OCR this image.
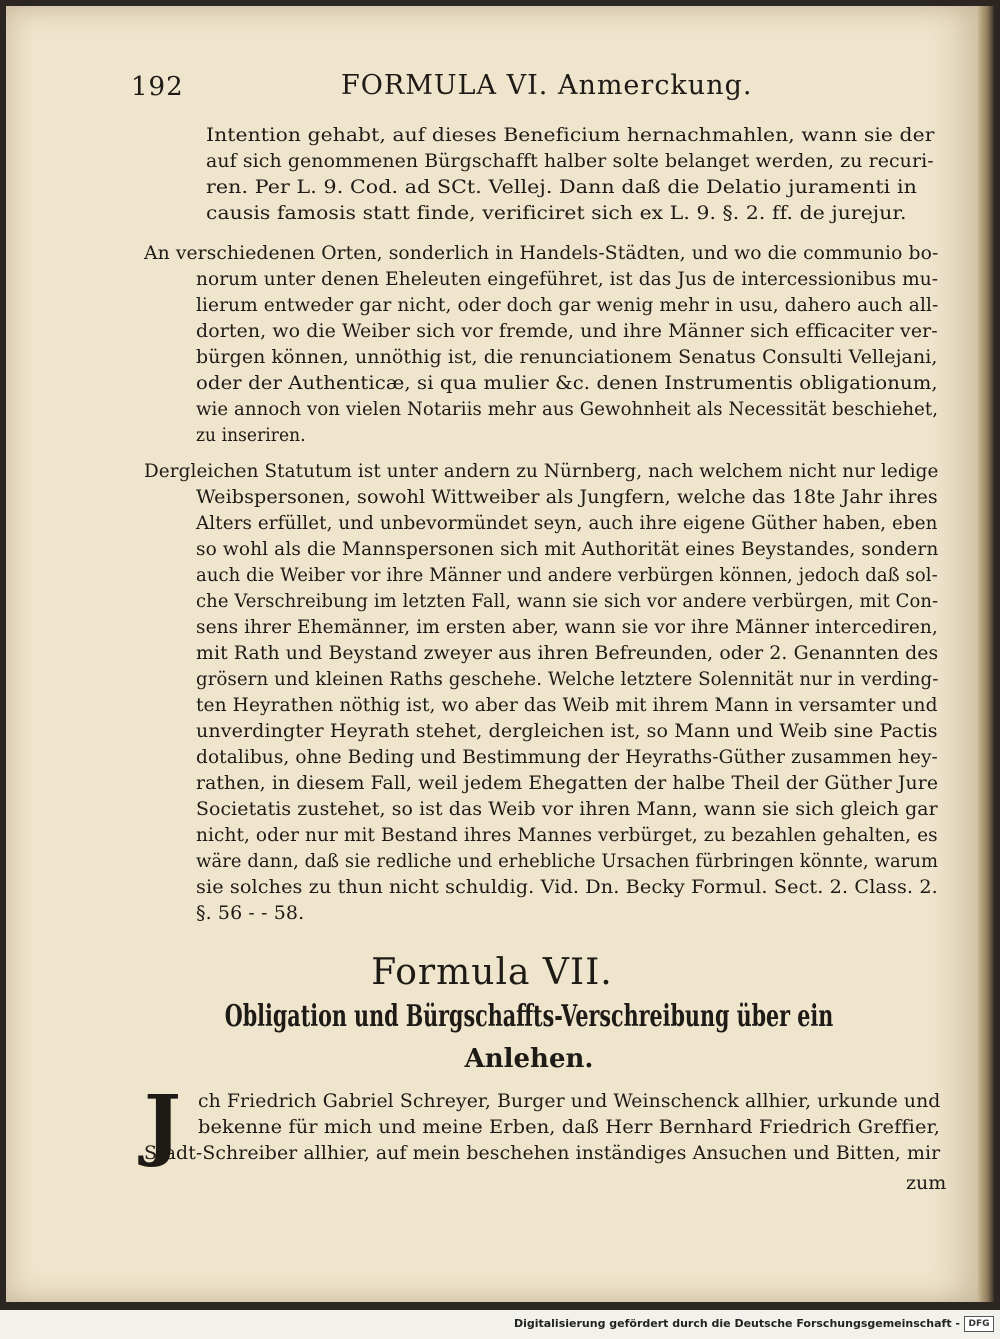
192	FORMULA VI. Anmerckung.
Intention gehabt, auf dieses Beneficium hernachmahlen, wann sie der
auf sich genommenen Bürgschafft halber solte belanget werden, zu recuri-
ren. Per L. 9. Cod. ad SCt. Vellej. Dann daß die Delatio juramenti in
causis famosis statt finde, verificiret sich ex L. 9. §. 2. ff. de jurejur.
An verschiedenen Orten, sonderlich in Handels-Städten, und wo die communio bo-
norum unter denen Eheleuten eingeführet, ist das Jus de intercessionibus mu-
lierum entweder gar nicht, oder doch gar wenig mehr in usu, dahero auch all-
dorten, wo die Weiber sich vor fremde, und ihre Männer sich efficaciter ver-
bürgen können, unnöthig ist, die renunciationem Senatus Consulti Vellejani,
oder der Authenticæ, si qua mulier &c. denen Instrumentis obligationum,
wie annoch von vielen Notariis mehr aus Gewohnheit als Necessität beschiehet,
zu inseriren.
Dergleichen Statutum ist unter andern zu Nürnberg, nach welchem nicht nur ledige
Weibspersonen, sowohl Wittweiber als Jungfern, welche das 18te Jahr ihres
Alters erfüllet, und unbevormündet seyn, auch ihre eigene Güther haben, eben
so wohl als die Mannspersonen sich mit Authorität eines Beystandes, sondern
auch die Weiber vor ihre Männer und andere verbürgen können, jedoch daß sol-
che Verschreibung im letzten Fall, wann sie sich vor andere verbürgen, mit Con-
sens ihrer Ehemänner, im ersten aber, wann sie vor ihre Männer intercediren,
mit Rath und Beystand zweyer aus ihren Befreunden, oder 2. Genannten des
grösern und kleinen Raths geschehe. Welche letztere Solennität nur in verding-
ten Heyrathen nöthig ist, wo aber das Weib mit ihrem Mann in versamter und
unverdingter Heyrath stehet, dergleichen ist, so Mann und Weib sine Pactis
dotalibus, ohne Beding und Bestimmung der Heyraths-Güther zusammen hey-
rathen, in diesem Fall, weil jedem Ehegatten der halbe Theil der Güther Jure
Societatis zustehet, so ist das Weib vor ihren Mann, wann sie sich gleich gar
nicht, oder nur mit Bestand ihres Mannes verbürget, zu bezahlen gehalten, es
wäre dann, daß sie redliche und erhebliche Ursachen fürbringen könnte, warum
sie solches zu thun nicht schuldig. Vid. Dn. Becky Formul. Sect. 2. Class. 2.
§. 56 - - 58.
Formula VII.
Obligation und Bürgschaffts-Verschreibung über ein
Anlehen.
J ch Friedrich Gabriel Schreyer, Burger und Weinschenck allhier, urkunde und
bekenne für mich und meine Erben, daß Herr Bernhard Friedrich Greffier,
Stadt-Schreiber allhier, auf mein beschehen inständiges Ansuchen und Bitten, mir
zum
Digitalisierung gefördert durch die Deutsche Forschungsgemeinschaft - DFG
